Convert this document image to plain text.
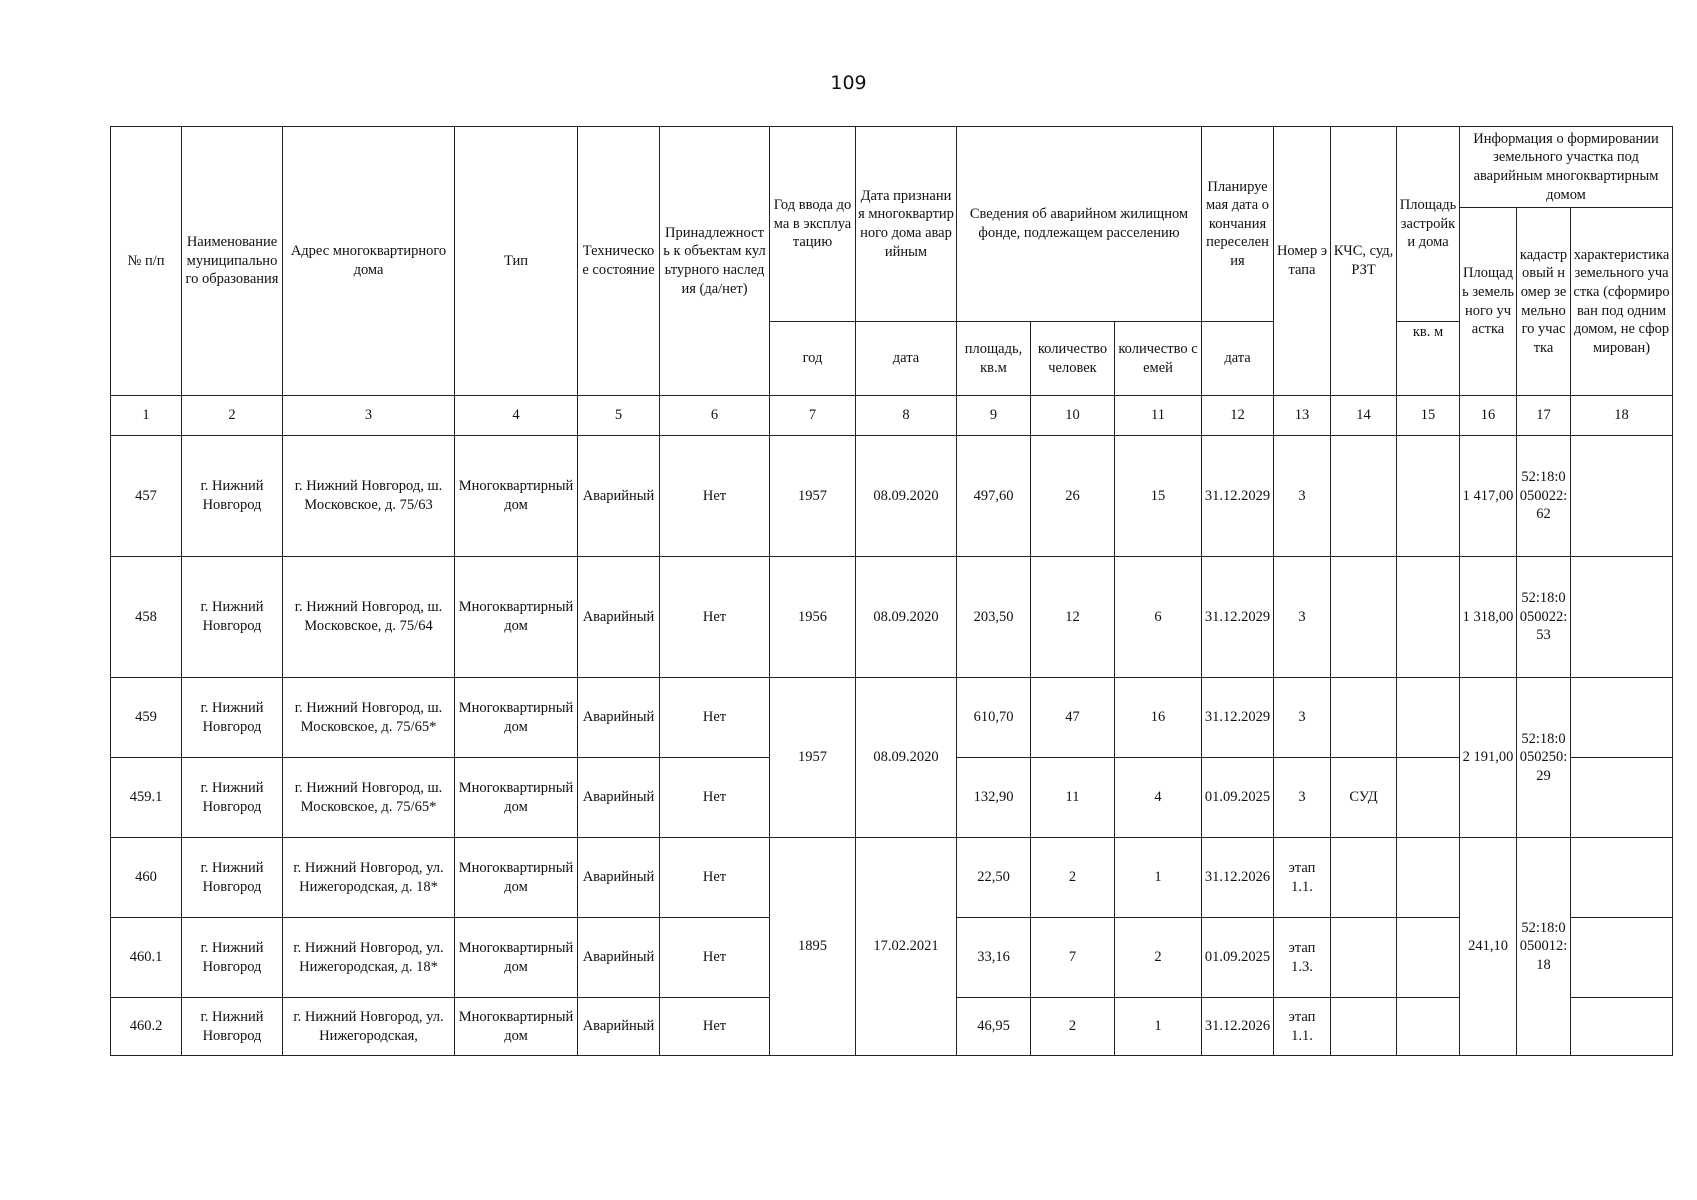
109
№ п/п	Наименование муниципального образования	Адрес многоквартирного дома	Тип	Техническое состояние	Принадлежность к объектам культурного наследия (да/нет)	Год ввода дома в эксплуатацию	Дата признания многоквартирного дома аварийным	Сведения об аварийном жилищном фонде, подлежащем расселению			Планируемая дата окончания переселения	Номер этапа	КЧС, суд, РЗТ	Площадь застройки дома	Информация о формировании земельного участка под аварийным многоквартирным домом		
															Площадь земельного участка	кадастровый номер земельного участка	характеристика земельного участка (сформирован под одним домом, не сформирован)
						год	дата	площадь, кв.м	количество человек	количество семей	дата			кв. м			
1	2	3	4	5	6	7	8	9	10	11	12	13	14	15	16	17	18
457	г. Нижний Новгород	г. Нижний Новгород, ш. Московское, д. 75/63	Многоквартирный дом	Аварийный	Нет	1957	08.09.2020	497,60	26	15	31.12.2029	3			1 417,00	52:18:0050022:62	
458	г. Нижний Новгород	г. Нижний Новгород, ш. Московское, д. 75/64	Многоквартирный дом	Аварийный	Нет	1956	08.09.2020	203,50	12	6	31.12.2029	3			1 318,00	52:18:0050022:53	
459	г. Нижний Новгород	г. Нижний Новгород, ш. Московское, д. 75/65*	Многоквартирный дом	Аварийный	Нет	1957	08.09.2020	610,70	47	16	31.12.2029	3			2 191,00	52:18:0050250:29	
459.1	г. Нижний Новгород	г. Нижний Новгород, ш. Московское, д. 75/65*	Многоквартирный дом	Аварийный	Нет			132,90	11	4	01.09.2025	3	СУД				
460	г. Нижний Новгород	г. Нижний Новгород, ул. Нижегородская, д. 18*	Многоквартирный дом	Аварийный	Нет	1895	17.02.2021	22,50	2	1	31.12.2026	этап 1.1.			241,10	52:18:0050012:18	
460.1	г. Нижний Новгород	г. Нижний Новгород, ул. Нижегородская, д. 18*	Многоквартирный дом	Аварийный	Нет			33,16	7	2	01.09.2025	этап 1.3.					
460.2	г. Нижний Новгород	г. Нижний Новгород, ул. Нижегородская,	Многоквартирный дом	Аварийный	Нет			46,95	2	1	31.12.2026	этап 1.1.					
